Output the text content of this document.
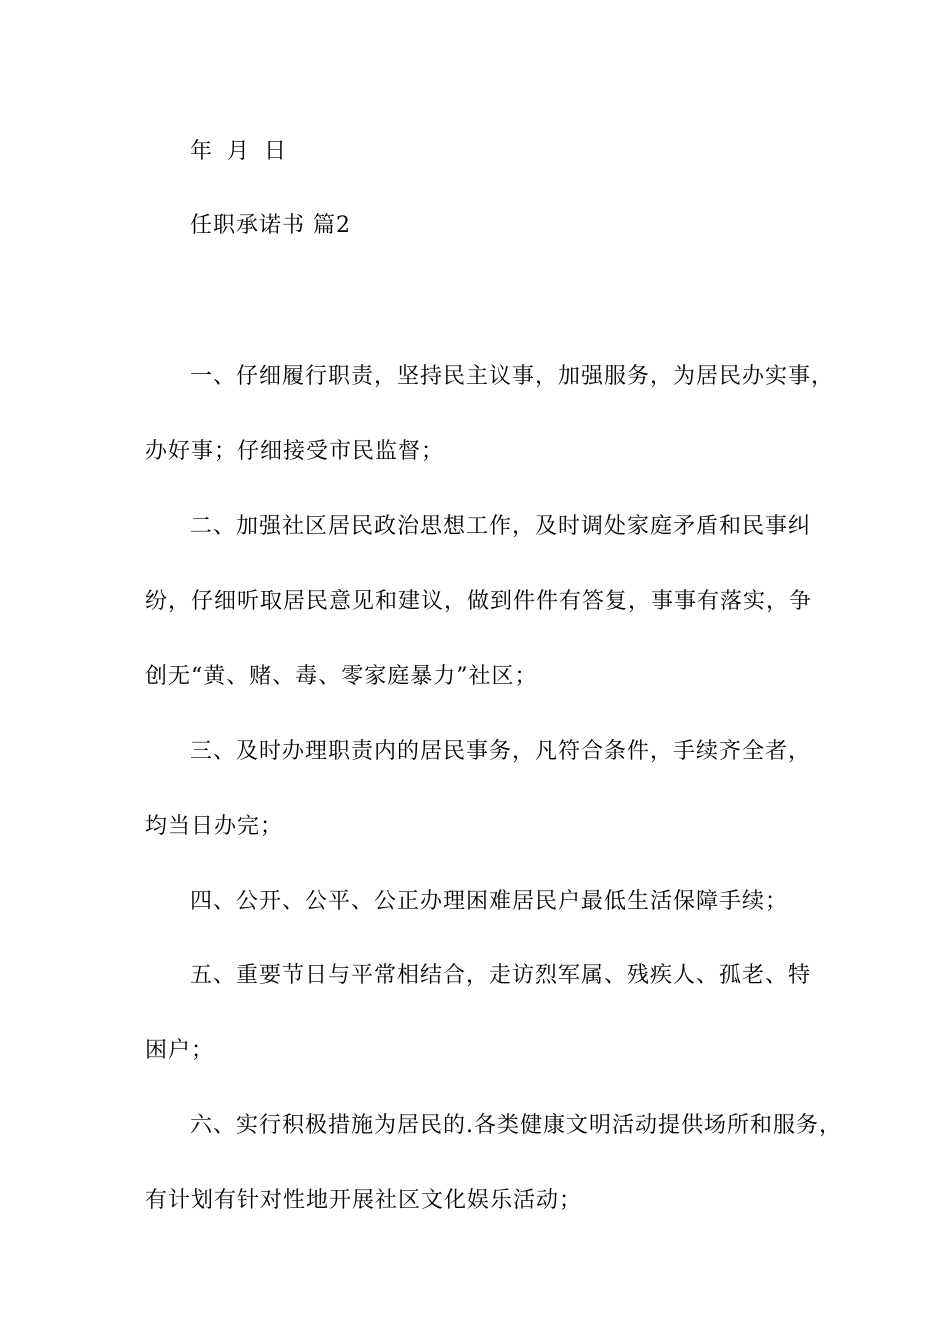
年 月 日
任职承诺书 篇2
一、仔细履行职责，坚持民主议事，加强服务，为居民办实事，
办好事；仔细接受市民监督；
二、加强社区居民政治思想工作，及时调处家庭矛盾和民事纠
纷，仔细听取居民意见和建议，做到件件有答复，事事有落实，争
创无“黄、赌、毒、零家庭暴力”社区；
三、及时办理职责内的居民事务，凡符合条件，手续齐全者，
均当日办完；
四、公开、公平、公正办理困难居民户最低生活保障手续；
五、重要节日与平常相结合，走访烈军属、残疾人、孤老、特
困户；
六、实行积极措施为居民的.各类健康文明活动提供场所和服务，
有计划有针对性地开展社区文化娱乐活动；
